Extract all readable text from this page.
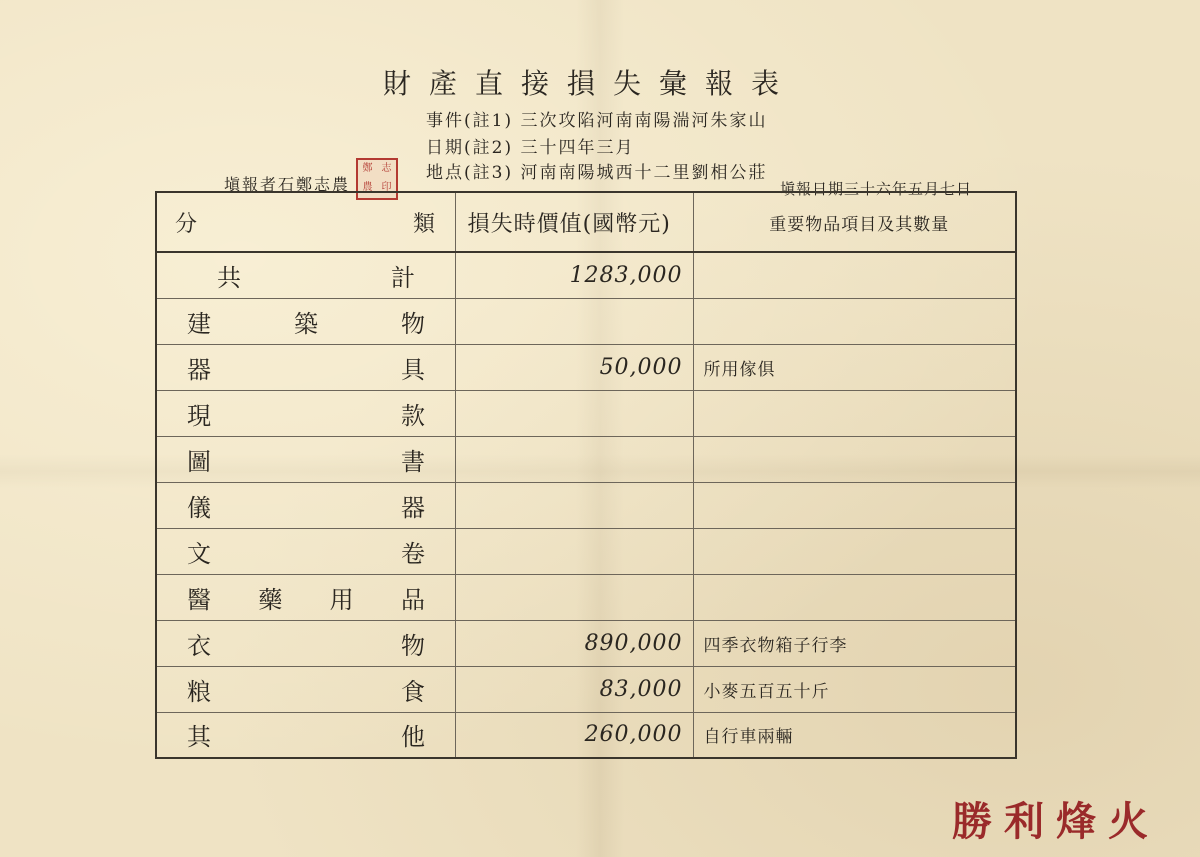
財產直接損失彙報表
事件(註1) 三次攻陷河南南陽湍河朱家山
日期(註2) 三十四年三月
地点(註3) 河南南陽城西十二里劉相公莊
塡報者石鄭志農
鄭 志
農 印	塡報日期三十六年五月七日
分 類	損失時價值(國幣元)	重要物品項目及其數量

共 計	1283,000	

建 築 物		

器 具	50,000	所用傢俱

現 款		

圖 書		

儀 器		

文 卷		

醫 藥 用 品		

衣 物	890,000	四季衣物箱子行李

粮 食	83,000	小麥五百五十斤

其 他	260,000	自行車兩輛
勝利烽火
